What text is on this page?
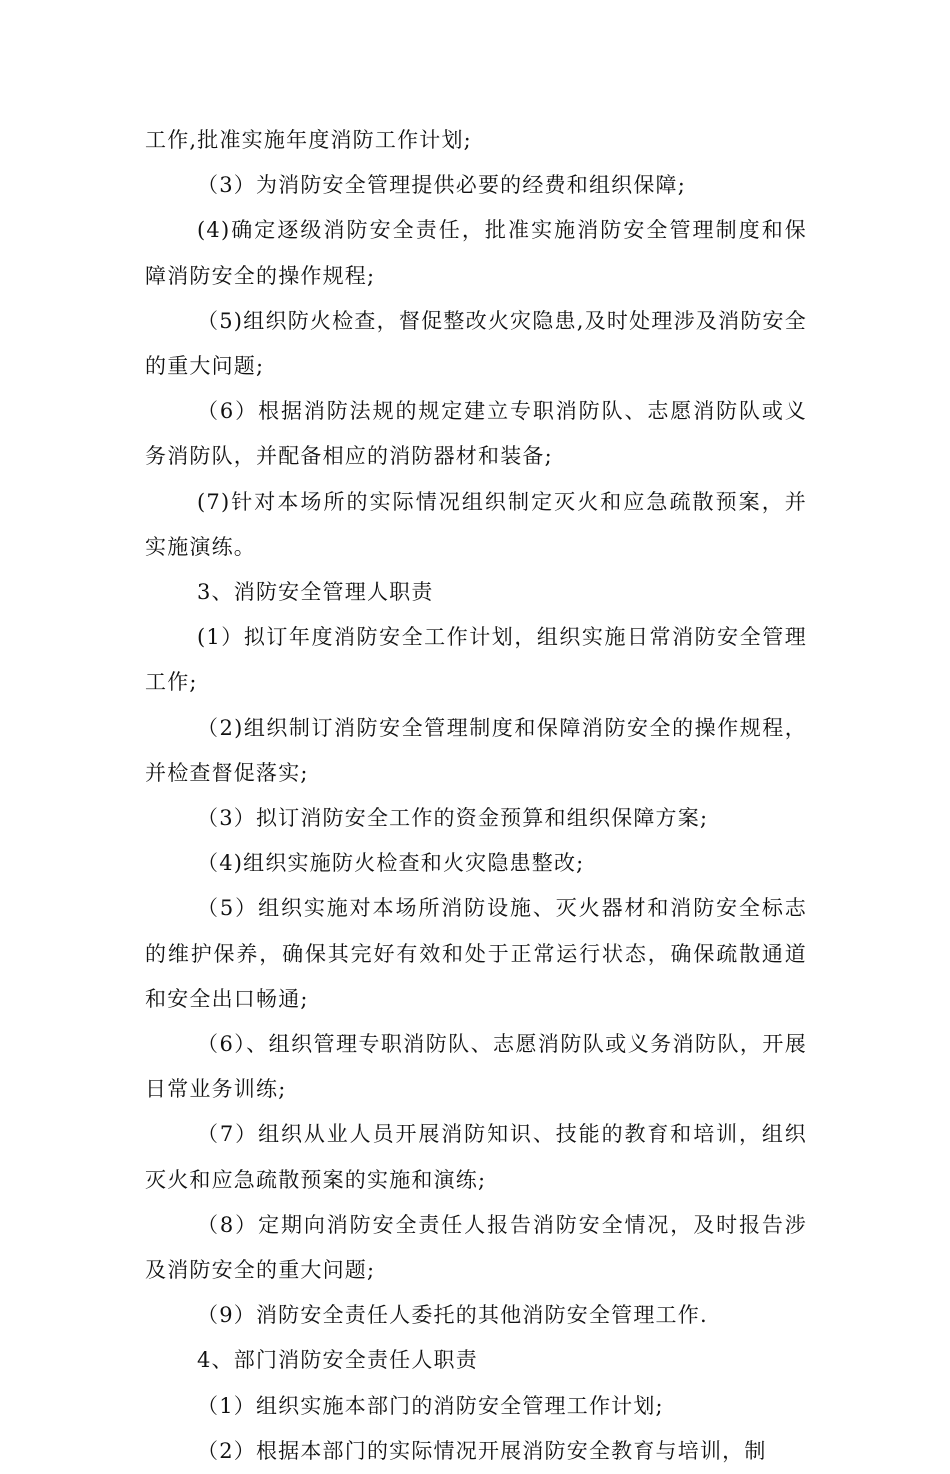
工作,批准实施年度消防工作计划;

（3）为消防安全管理提供必要的经费和组织保障;

(4)确定逐级消防安全责任，批准实施消防安全管理制度和保障消防安全的操作规程;

（5)组织防火检查，督促整改火灾隐患,及时处理涉及消防安全的重大问题;

（6）根据消防法规的规定建立专职消防队、志愿消防队或义务消防队，并配备相应的消防器材和装备;

(7)针对本场所的实际情况组织制定灭火和应急疏散预案，并实施演练。

3、消防安全管理人职责

(1）拟订年度消防安全工作计划，组织实施日常消防安全管理工作;

（2)组织制订消防安全管理制度和保障消防安全的操作规程，并检查督促落实;

（3）拟订消防安全工作的资金预算和组织保障方案;

（4)组织实施防火检查和火灾隐患整改;

（5）组织实施对本场所消防设施、灭火器材和消防安全标志的维护保养，确保其完好有效和处于正常运行状态，确保疏散通道和安全出口畅通;

（6）、组织管理专职消防队、志愿消防队或义务消防队，开展日常业务训练;

（7）组织从业人员开展消防知识、技能的教育和培训，组织灭火和应急疏散预案的实施和演练;

（8）定期向消防安全责任人报告消防安全情况，及时报告涉及消防安全的重大问题;

（9）消防安全责任人委托的其他消防安全管理工作.

4、部门消防安全责任人职责

（1）组织实施本部门的消防安全管理工作计划;

（2）根据本部门的实际情况开展消防安全教育与培训，制
